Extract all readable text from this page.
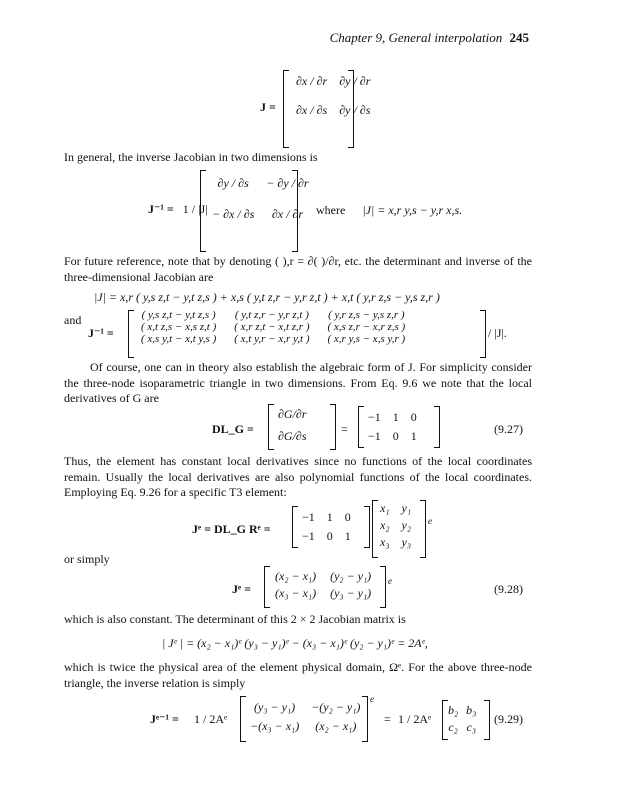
Chapter 9, General interpolation 245
J =
∂x / ∂r	∂y / ∂r
∂x / ∂s	∂y / ∂s
In general, the inverse Jacobian in two dimensions is
J⁻¹ = 1 / |J|
∂y / ∂s	− ∂y / ∂r
− ∂x / ∂s	∂x / ∂r where |J| = x,r y,s − y,r x,s.
For future reference, note that by denoting ( ),r = ∂( )/∂r, etc. the determinant and inverse of the three-dimensional Jacobian are
|J| = x,r ( y,s z,t − y,t z,s ) + x,s ( y,t z,r − y,r z,t ) + x,t ( y,r z,s − y,s z,r )
and
J⁻¹ =
( y,s z,t − y,t z,s )	( y,t z,r − y,r z,t )	( y,r z,s − y,s z,r )
( x,t z,s − x,s z,t )	( x,r z,t − x,t z,r )	( x,s z,r − x,r z,s )
( x,s y,t − x,t y,s )	( x,t y,r − x,r y,t )	( x,r y,s − x,s y,r )	/ |J|.
Of course, one can in theory also establish the algebraic form of J. For simplicity consider the three-node isoparametric triangle in two dimensions. From Eq. 9.6 we note that the local derivatives of G are
DL_G =
∂G/∂r
∂G/∂s	=
−1	1	0
−1	0	1	(9.27)
Thus, the element has constant local derivatives since no functions of the local coordinates remain. Usually the local derivatives are also polynomial functions of the local coordinates. Employing Eq. 9.26 for a specific T3 element:
Jᵉ = DL_G Rᵉ =
−1	1	0
−1	0	1
x₁	y₁
x₂	y₂
x₃	y₃
e
or simply
Jᵉ =
(x₂ − x₁)	(y₂ − y₁)
(x₃ − x₁)	(y₃ − y₁)
e
(9.28)
which is also constant. The determinant of this 2 × 2 Jacobian matrix is
| Jᵉ | = (x₂ − x₁)ᵉ (y₃ − y₁)ᵉ − (x₃ − x₁)ᵉ (y₂ − y₁)ᵉ = 2Aᵉ,
which is twice the physical area of the element physical domain, Ωᵉ. For the above three-node triangle, the inverse relation is simply
Jᵉ⁻¹ = 1 / 2Aᵉ
(y₃ − y₁)	−(y₂ − y₁)
−(x₃ − x₁)	(x₂ − x₁)
e
= 1 / 2Aᵉ
b₂	b₃
c₂	c₃
(9.29)
